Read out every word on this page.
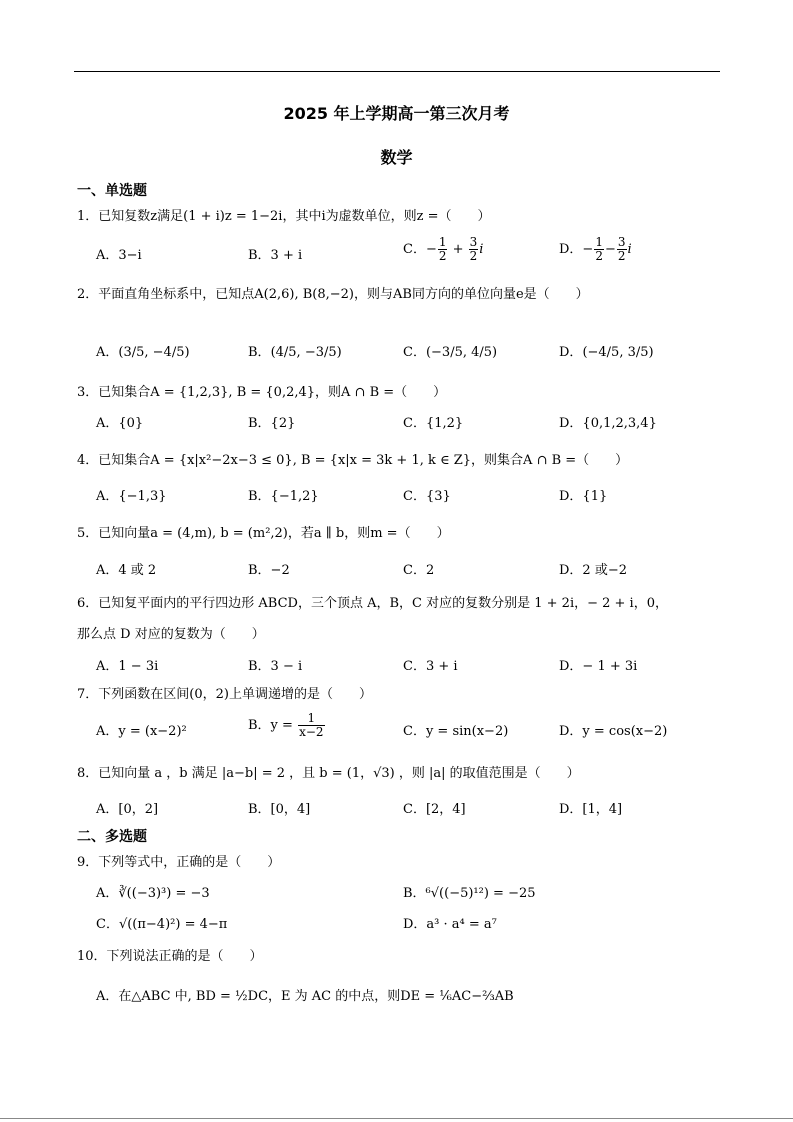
2025 年上学期高一第三次月考
数学
一、单选题
1．已知复数z满足(1 + i)z = 1−2i，其中i为虚数单位，则z =（　　）
A．3−i	B．3 + i	C．− $\frac{1}{2} + \frac{3}{2}$ i	D．− $\frac{1}{2} - \frac{3}{2}$ i
2．平面直角坐标系中，已知点A(2,6), B(8,−2)，则与AB同方向的单位向量e是（　　）
A．(3/5, −4/5)	B．(4/5, −3/5)	C．(−3/5, 4/5)	D．(−4/5, 3/5)
3．已知集合A = {1,2,3}, B = {0,2,4}，则A ∩ B =（　　）
A．{0}	B．{2}	C．{1,2}	D．{0,1,2,3,4}
4．已知集合A = {x|x²−2x−3 ≤ 0}, B = {x|x = 3k + 1, k ∈ Z}，则集合A ∩ B =（　　）
A．{−1,3}	B．{−1,2}	C．{3}	D．{1}
5．已知向量a = (4,m), b = (m²,2)，若a ∥ b，则m =（　　）
A．4 或 2	B．−2	C．2	D．2 或−2
6．已知复平面内的平行四边形 ABCD，三个顶点 A，B，C 对应的复数分别是 1 + 2i，− 2 + i，0，
那么点 D 对应的复数为（　　）
A．1 − 3i	B．3 − i	C．3 + i	D．− 1 + 3i
7．下列函数在区间(0，2)上单调递增的是（　　）
A．y = (x−2)²	B．$y = \frac{1}{x-2}$	C．y = sin(x−2)	D．y = cos(x−2)
8．已知向量 a ，b 满足 |a−b| = 2 ，且 b = (1，√3) ，则 |a| 的取值范围是（　　）
A．[0，2]	B．[0，4]	C．[2，4]	D．[1，4]
二、多选题
9．下列等式中，正确的是（　　）
A．∛((−3)³) = −3	B．⁶√((−5)¹²) = −25
C．√((π−4)²) = 4−π	D．a³ · a⁴ = a⁷
10．下列说法正确的是（　　）
A．在△ABC 中, BD = ½DC，E 为 AC 的中点，则DE = ⅙AC−⅔AB
